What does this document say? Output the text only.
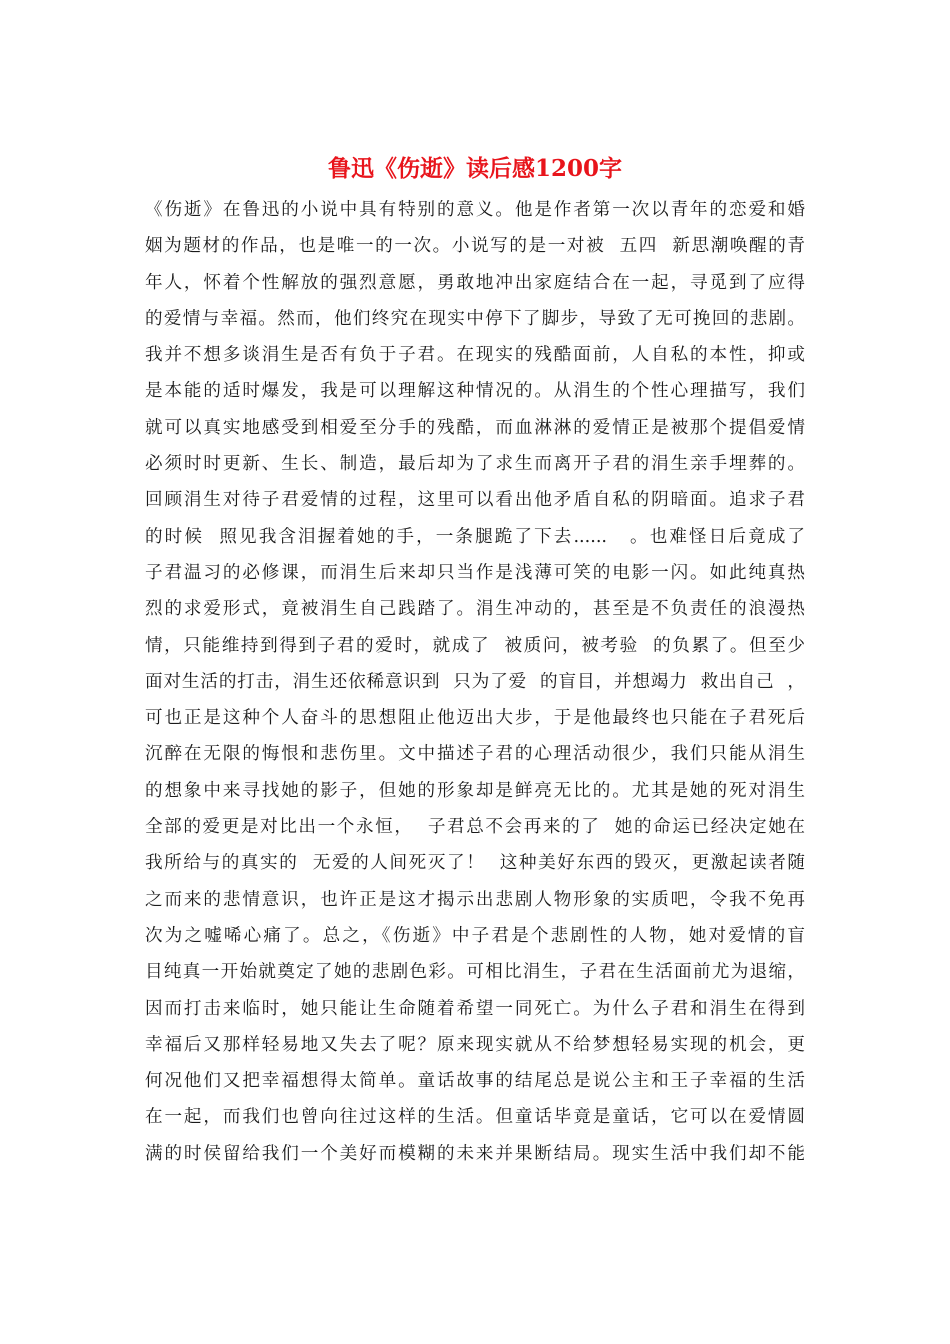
鲁迅《伤逝》读后感1200字
《伤逝》在鲁迅的小说中具有特别的意义。他是作者第一次以青年的恋爱和婚
姻为题材的作品，也是唯一的一次。小说写的是一对被  五四  新思潮唤醒的青
年人，怀着个性解放的强烈意愿，勇敢地冲出家庭结合在一起，寻觅到了应得
的爱情与幸福。然而，他们终究在现实中停下了脚步，导致了无可挽回的悲剧。
我并不想多谈涓生是否有负于子君。在现实的残酷面前，人自私的本性，抑或
是本能的适时爆发，我是可以理解这种情况的。从涓生的个性心理描写，我们
就可以真实地感受到相爱至分手的残酷，而血淋淋的爱情正是被那个提倡爱情
必须时时更新、生长、制造，最后却为了求生而离开子君的涓生亲手埋葬的。
回顾涓生对待子君爱情的过程，这里可以看出他矛盾自私的阴暗面。追求子君
的时候  照见我含泪握着她的手，一条腿跪了下去......   。也难怪日后竟成了
子君温习的必修课，而涓生后来却只当作是浅薄可笑的电影一闪。如此纯真热
烈的求爱形式，竟被涓生自己践踏了。涓生冲动的，甚至是不负责任的浪漫热
情，只能维持到得到子君的爱时，就成了  被质问，被考验  的负累了。但至少
面对生活的打击，涓生还依稀意识到  只为了爱  的盲目，并想竭力  救出自己  ，
可也正是这种个人奋斗的思想阻止他迈出大步，于是他最终也只能在子君死后
沉醉在无限的悔恨和悲伤里。文中描述子君的心理活动很少，我们只能从涓生
的想象中来寻找她的影子，但她的形象却是鲜亮无比的。尤其是她的死对涓生
全部的爱更是对比出一个永恒，  子君总不会再来的了  她的命运已经决定她在
我所给与的真实的  无爱的人间死灭了！  这种美好东西的毁灭，更激起读者随
之而来的悲情意识，也许正是这才揭示出悲剧人物形象的实质吧，令我不免再
次为之嘘唏心痛了。总之，《伤逝》中子君是个悲剧性的人物，她对爱情的盲
目纯真一开始就奠定了她的悲剧色彩。可相比涓生，子君在生活面前尤为退缩，
因而打击来临时，她只能让生命随着希望一同死亡。为什么子君和涓生在得到
幸福后又那样轻易地又失去了呢？原来现实就从不给梦想轻易实现的机会，更
何况他们又把幸福想得太简单。童话故事的结尾总是说公主和王子幸福的生活
在一起，而我们也曾向往过这样的生活。但童话毕竟是童话，它可以在爱情圆
满的时侯留给我们一个美好而模糊的未来并果断结局。现实生活中我们却不能
